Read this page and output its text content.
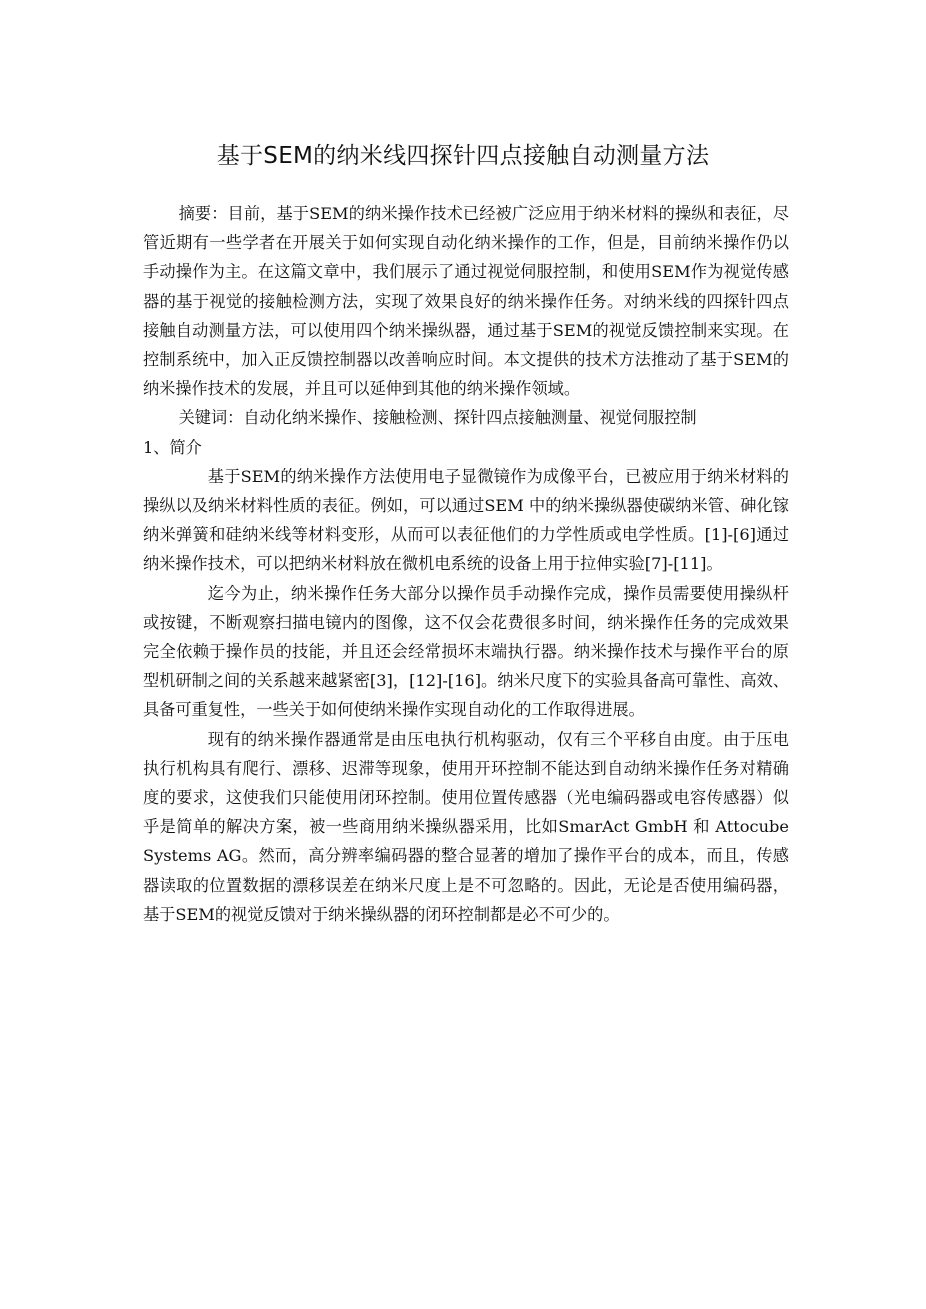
基于SEM的纳米线四探针四点接触自动测量方法

摘要：目前，基于SEM的纳米操作技术已经被广泛应用于纳米材料的操纵和表征，尽管近期有一些学者在开展关于如何实现自动化纳米操作的工作，但是，目前纳米操作仍以手动操作为主。在这篇文章中，我们展示了通过视觉伺服控制，和使用SEM作为视觉传感器的基于视觉的接触检测方法，实现了效果良好的纳米操作任务。对纳米线的四探针四点接触自动测量方法，可以使用四个纳米操纵器，通过基于SEM的视觉反馈控制来实现。在控制系统中，加入正反馈控制器以改善响应时间。本文提供的技术方法推动了基于SEM的纳米操作技术的发展，并且可以延伸到其他的纳米操作领域。

关键词：自动化纳米操作、接触检测、探针四点接触测量、视觉伺服控制

1、简介

基于SEM的纳米操作方法使用电子显微镜作为成像平台，已被应用于纳米材料的操纵以及纳米材料性质的表征。例如，可以通过SEM 中的纳米操纵器使碳纳米管、砷化镓纳米弹簧和硅纳米线等材料变形，从而可以表征他们的力学性质或电学性质。[1]-[6]通过纳米操作技术，可以把纳米材料放在微机电系统的设备上用于拉伸实验[7]-[11]。

迄今为止，纳米操作任务大部分以操作员手动操作完成，操作员需要使用操纵杆或按键，不断观察扫描电镜内的图像，这不仅会花费很多时间，纳米操作任务的完成效果完全依赖于操作员的技能，并且还会经常损坏末端执行器。纳米操作技术与操作平台的原型机研制之间的关系越来越紧密[3]，[12]-[16]。纳米尺度下的实验具备高可靠性、高效、具备可重复性，一些关于如何使纳米操作实现自动化的工作取得进展。

现有的纳米操作器通常是由压电执行机构驱动，仅有三个平移自由度。由于压电执行机构具有爬行、漂移、迟滞等现象，使用开环控制不能达到自动纳米操作任务对精确度的要求，这使我们只能使用闭环控制。使用位置传感器（光电编码器或电容传感器）似乎是简单的解决方案，被一些商用纳米操纵器采用，比如SmarAct GmbH 和 Attocube Systems AG。然而，高分辨率编码器的整合显著的增加了操作平台的成本，而且，传感器读取的位置数据的漂移误差在纳米尺度上是不可忽略的。因此，无论是否使用编码器，基于SEM的视觉反馈对于纳米操纵器的闭环控制都是必不可少的。
